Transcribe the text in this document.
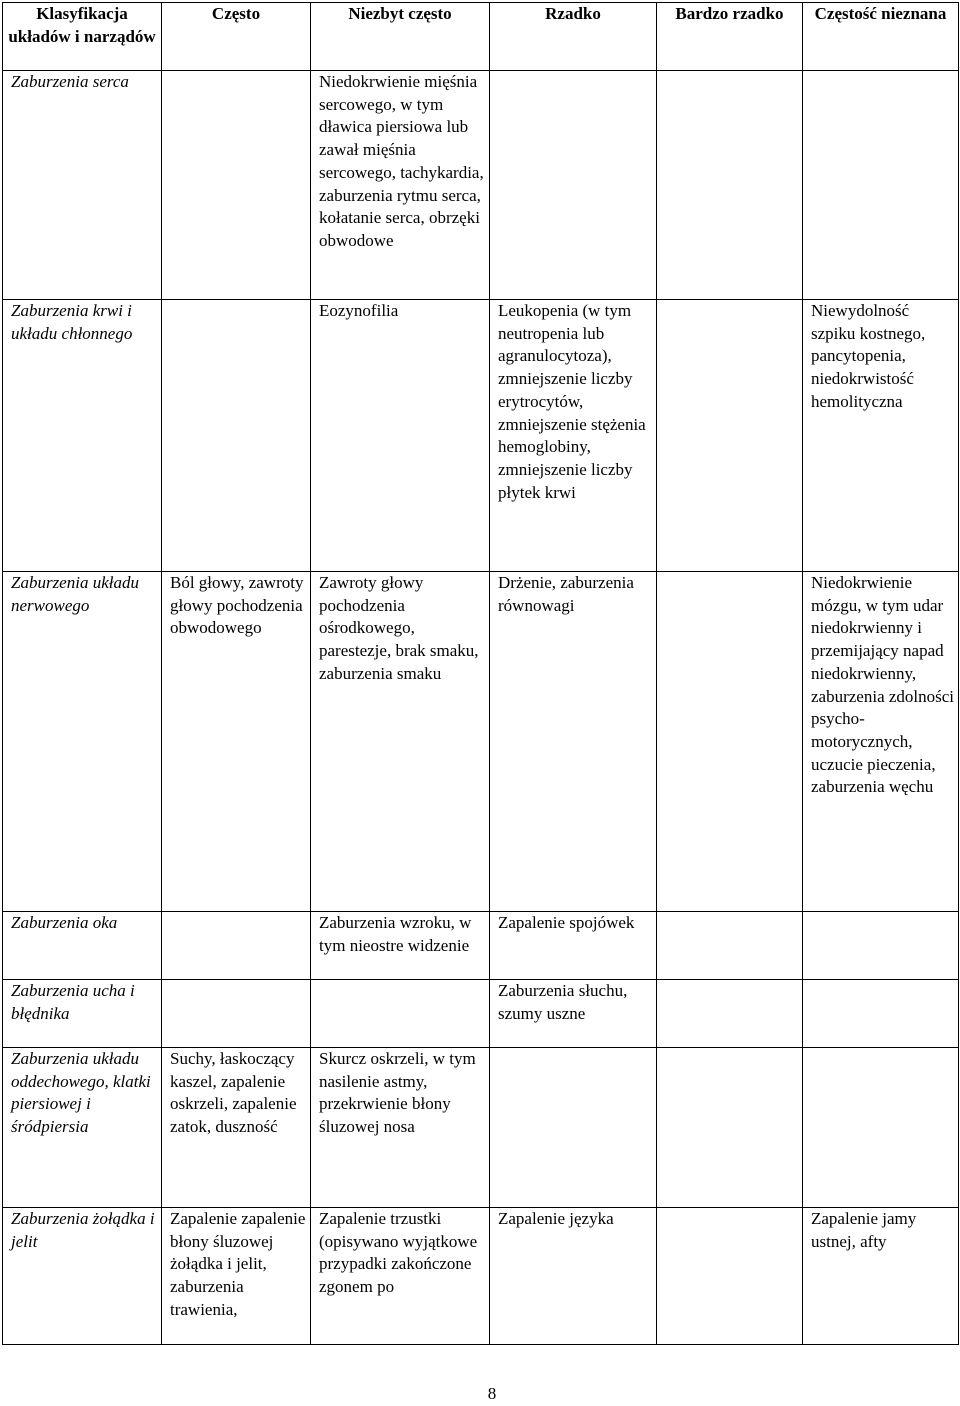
Klasyfikacja układów i narządów	Często	Niezbyt często	Rzadko	Bardzo rzadko	Częstość nieznana
Zaburzenia serca		Niedokrwienie mięśnia sercowego, w tym dławica piersiowa lub zawał mięśnia sercowego, tachykardia, zaburzenia rytmu serca, kołatanie serca, obrzęki obwodowe			
Zaburzenia krwi i układu chłonnego		Eozynofilia	Leukopenia (w tym neutropenia lub agranulocytoza), zmniejszenie liczby erytrocytów, zmniejszenie stężenia hemoglobiny, zmniejszenie liczby płytek krwi		Niewydolność szpiku kostnego, pancytopenia, niedokrwistość hemolityczna
Zaburzenia układu nerwowego	Ból głowy, zawroty głowy pochodzenia obwodowego	Zawroty głowy pochodzenia ośrodkowego, parestezje, brak smaku, zaburzenia smaku	Drżenie, zaburzenia równowagi		Niedokrwienie mózgu, w tym udar niedokrwienny i przemijający napad niedokrwienny, zaburzenia zdolności psycho-motorycznych, uczucie pieczenia, zaburzenia węchu
Zaburzenia oka		Zaburzenia wzroku, w tym nieostre widzenie	Zapalenie spojówek		
Zaburzenia ucha i błędnika			Zaburzenia słuchu, szumy uszne		
Zaburzenia układu oddechowego, klatki piersiowej i śródpiersia	Suchy, łaskoczący kaszel, zapalenie oskrzeli, zapalenie zatok, duszność	Skurcz oskrzeli, w tym nasilenie astmy, przekrwienie błony śluzowej nosa			
Zaburzenia żołądka i jelit	Zapalenie zapalenie błony śluzowej żołądka i jelit, zaburzenia trawienia,	Zapalenie trzustki (opisywano wyjątkowe przypadki zakończone zgonem po	Zapalenie języka		Zapalenie jamy ustnej, afty
8
